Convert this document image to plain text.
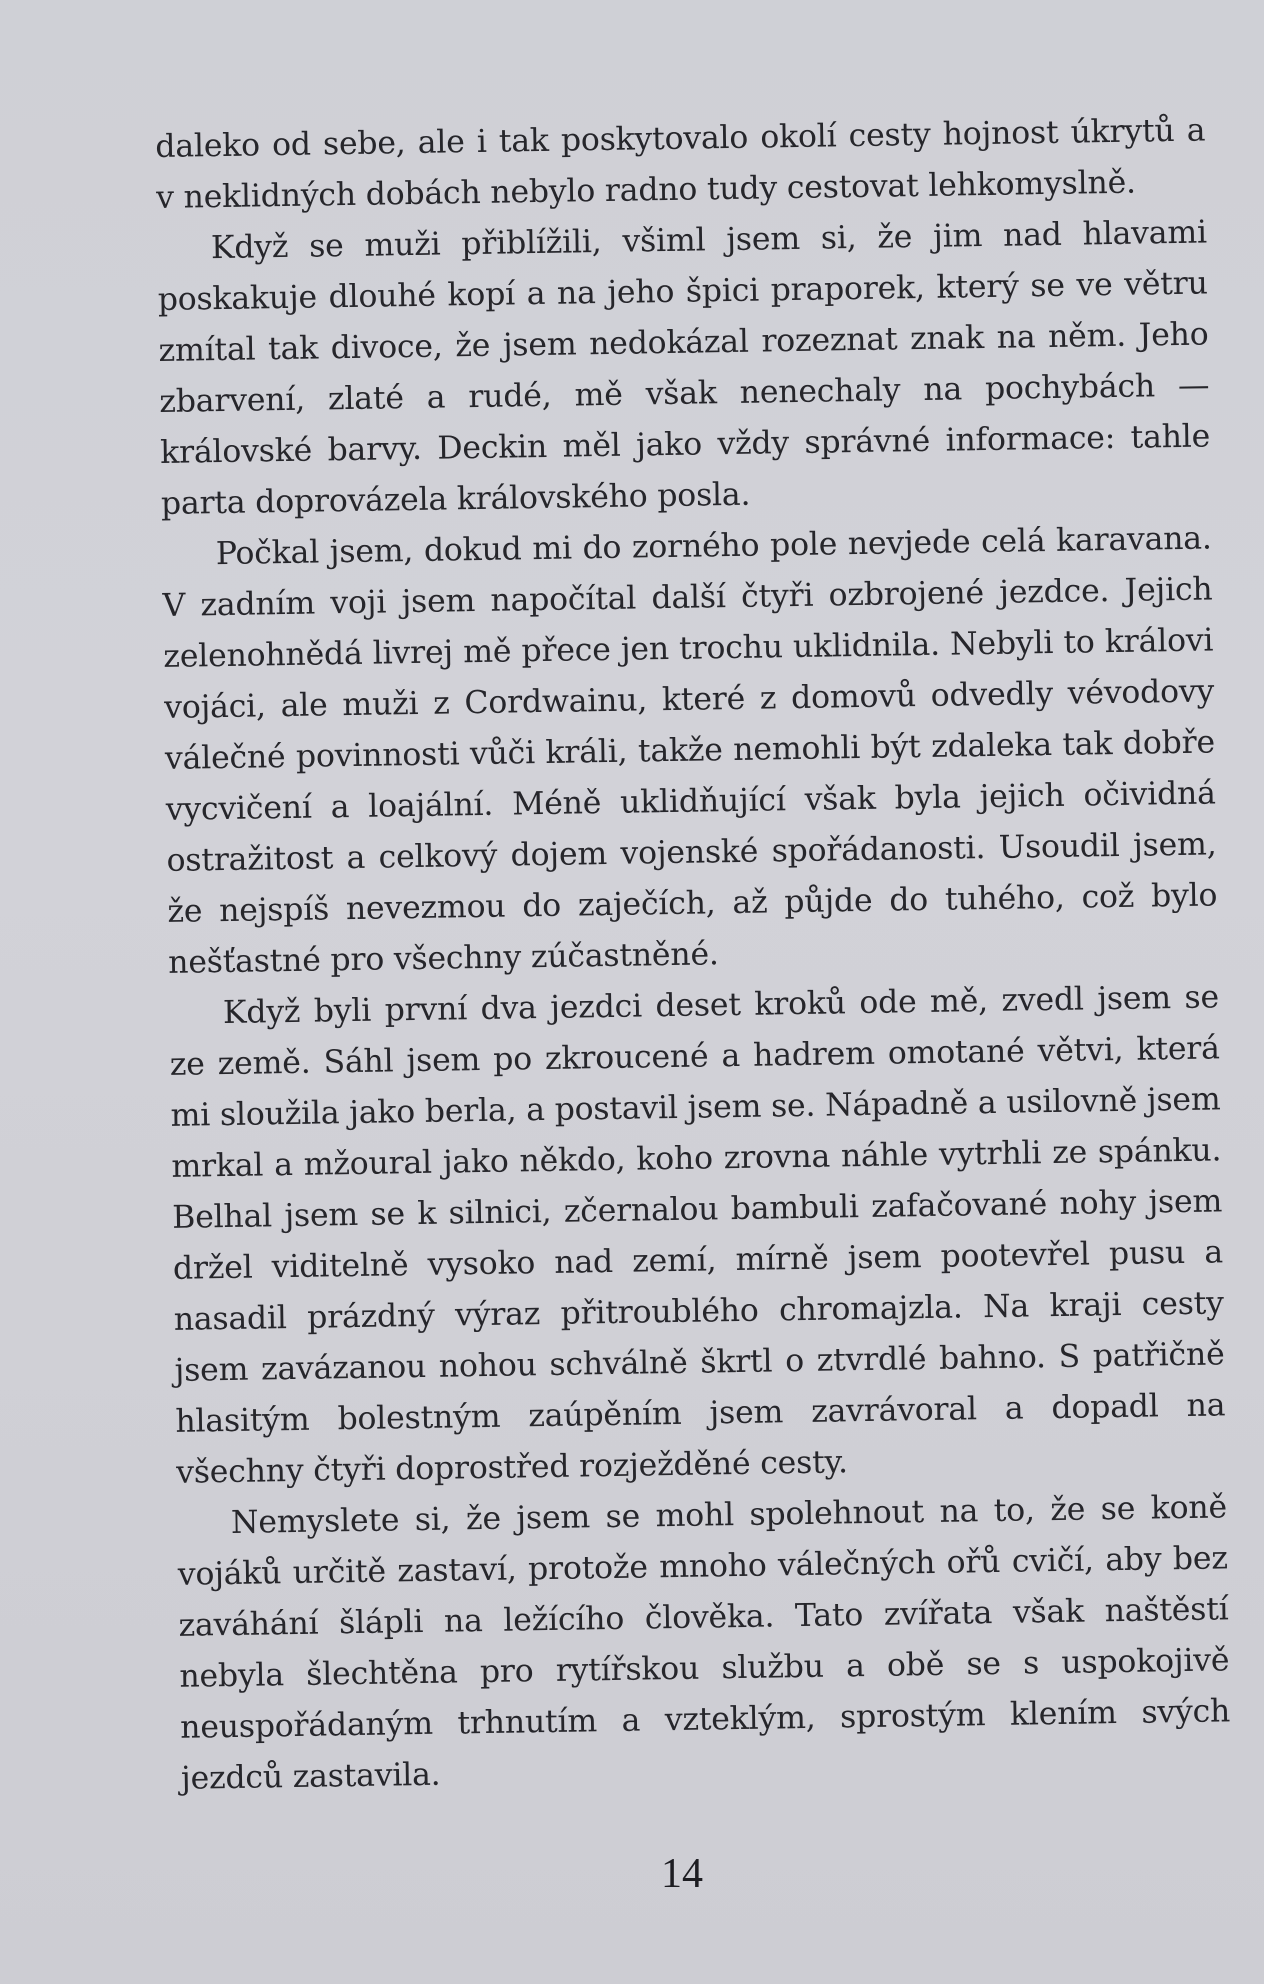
daleko od sebe, ale i tak poskytovalo okolí cesty hojnost úkrytů a v neklidných dobách nebylo radno tudy cestovat lehkomyslně.

Když se muži přiblížili, všiml jsem si, že jim nad hlavami poskakuje dlouhé kopí a na jeho špici praporek, který se ve větru zmítal tak divoce, že jsem nedokázal rozeznat znak na něm. Jeho zbarvení, zlaté a rudé, mě však nenechaly na pochybách — královské barvy. Deckin měl jako vždy správné informace: tahle parta doprovázela královského posla.

Počkal jsem, dokud mi do zorného pole nevjede celá karavana. V zadním voji jsem napočítal další čtyři ozbrojené jezdce. Jejich zelenohnědá livrej mě přece jen trochu uklidnila. Nebyli to královi vojáci, ale muži z Cordwainu, které z domovů odvedly vévodovy válečné povinnosti vůči králi, takže nemohli být zdaleka tak dobře vycvičení a loajální. Méně uklidňující však byla jejich očividná ostražitost a celkový dojem vojenské spořádanosti. Usoudil jsem, že nejspíš nevezmou do zaječích, až půjde do tuhého, což bylo nešťastné pro všechny zúčastněné.

Když byli první dva jezdci deset kroků ode mě, zvedl jsem se ze země. Sáhl jsem po zkroucené a hadrem omotané větvi, která mi sloužila jako berla, a postavil jsem se. Nápadně a usilovně jsem mrkal a mžoural jako někdo, koho zrovna náhle vytrhli ze spánku. Belhal jsem se k silnici, zčernalou bambuli zafačované nohy jsem držel viditelně vysoko nad zemí, mírně jsem pootevřel pusu a nasadil prázdný výraz přitroublého chromajzla. Na kraji cesty jsem zavázanou nohou schválně škrtl o ztvrdlé bahno. S patřičně hlasitým bolestným zaúpěním jsem zavrávoral a dopadl na všechny čtyři doprostřed rozježděné cesty.

Nemyslete si, že jsem se mohl spolehnout na to, že se koně vojáků určitě zastaví, protože mnoho válečných ořů cvičí, aby bez zaváhání šlápli na ležícího člověka. Tato zvířata však naštěstí nebyla šlechtěna pro rytířskou službu a obě se s uspokojivě neuspořádaným trhnutím a vzteklým, sprostým klením svých jezdců zastavila.

14
